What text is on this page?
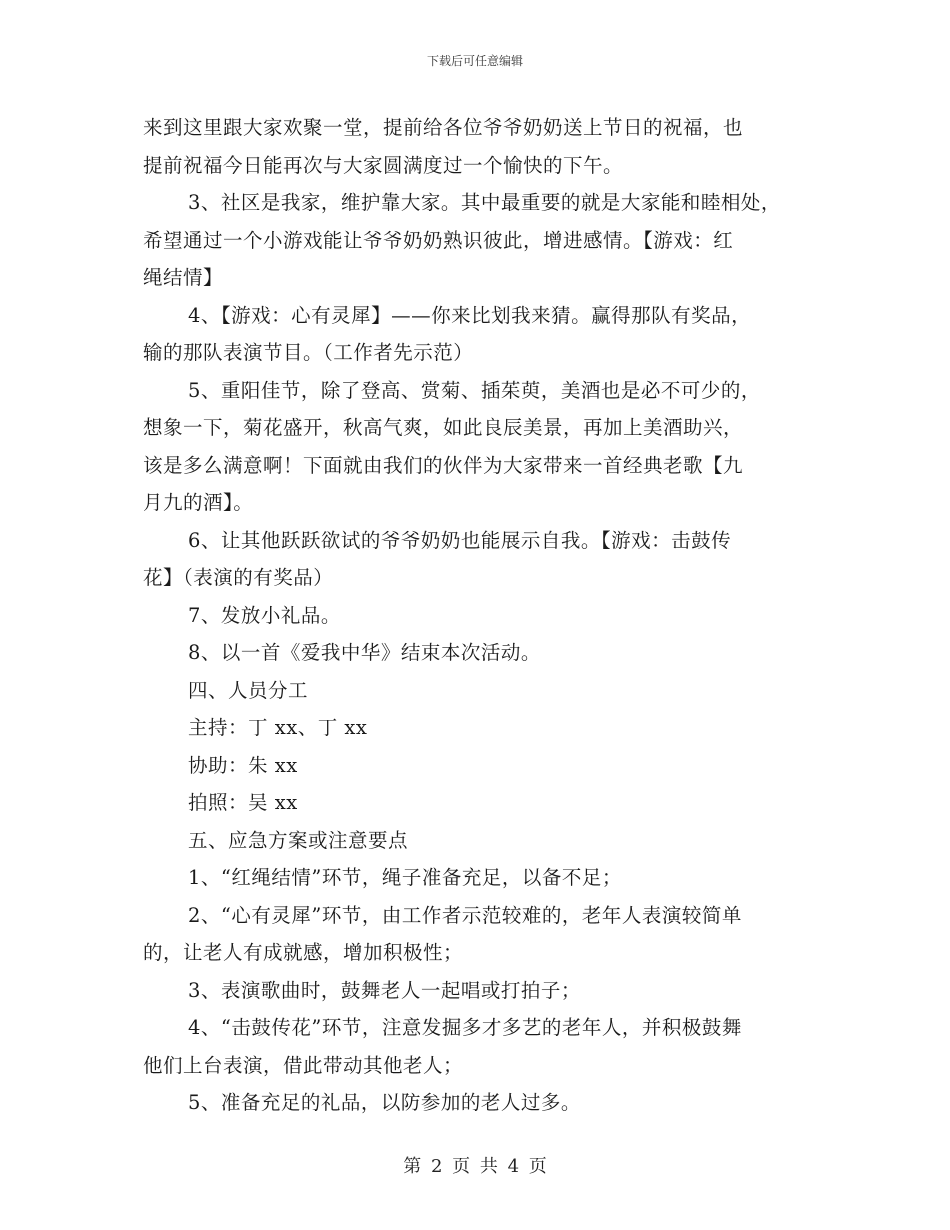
下载后可任意编辑
来到这里跟大家欢聚一堂，提前给各位爷爷奶奶送上节日的祝福，也
提前祝福今日能再次与大家圆满度过一个愉快的下午。
3、社区是我家，维护靠大家。其中最重要的就是大家能和睦相处，
希望通过一个小游戏能让爷爷奶奶熟识彼此，增进感情。【游戏：红
绳结情】
4、【游戏：心有灵犀】——你来比划我来猜。赢得那队有奖品，
输的那队表演节目。（工作者先示范）
5、重阳佳节，除了登高、赏菊、插茱萸，美酒也是必不可少的，
想象一下，菊花盛开，秋高气爽，如此良辰美景，再加上美酒助兴，
该是多么满意啊！下面就由我们的伙伴为大家带来一首经典老歌【九
月九的酒】。
6、让其他跃跃欲试的爷爷奶奶也能展示自我。【游戏：击鼓传
花】（表演的有奖品）
7、发放小礼品。
8、以一首《爱我中华》结束本次活动。
四、人员分工
主持：丁 xx、丁 xx
协助：朱 xx
拍照：吴 xx
五、应急方案或注意要点
1、“红绳结情”环节，绳子准备充足，以备不足；
2、“心有灵犀”环节，由工作者示范较难的，老年人表演较简单
的，让老人有成就感，增加积极性；
3、表演歌曲时，鼓舞老人一起唱或打拍子；
4、“击鼓传花”环节，注意发掘多才多艺的老年人，并积极鼓舞
他们上台表演，借此带动其他老人；
5、准备充足的礼品，以防参加的老人过多。
第 2 页 共 4 页
